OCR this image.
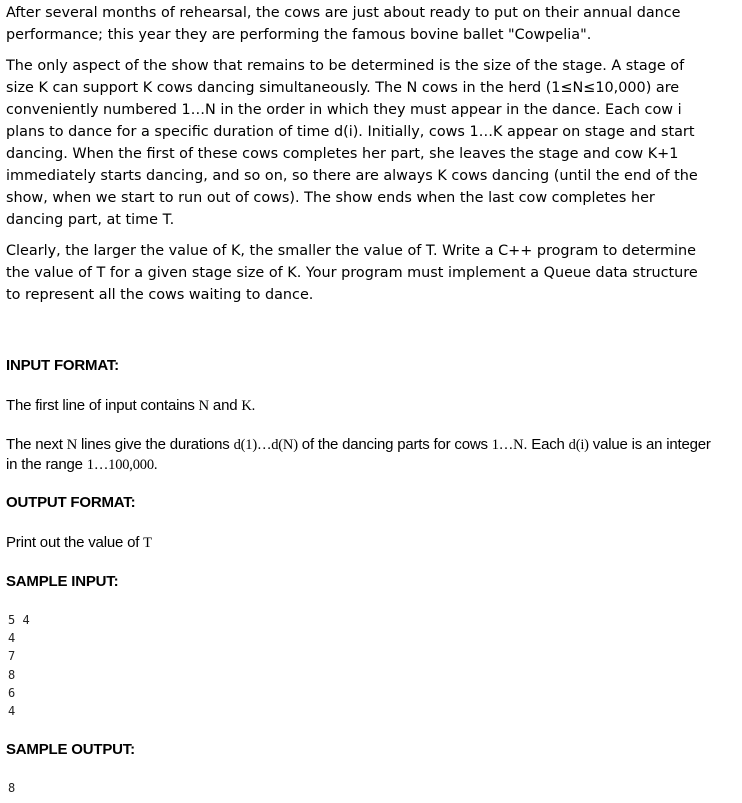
After several months of rehearsal, the cows are just about ready to put on their annual dance performance; this year they are performing the famous bovine ballet "Cowpelia".

The only aspect of the show that remains to be determined is the size of the stage. A stage of size K can support K cows dancing simultaneously. The N cows in the herd (1≤N≤10,000) are conveniently numbered 1…N in the order in which they must appear in the dance. Each cow i plans to dance for a specific duration of time d(i). Initially, cows 1…K appear on stage and start dancing. When the first of these cows completes her part, she leaves the stage and cow K+1 immediately starts dancing, and so on, so there are always K cows dancing (until the end of the show, when we start to run out of cows). The show ends when the last cow completes her dancing part, at time T.

Clearly, the larger the value of K, the smaller the value of T. Write a C++ program to determine the value of T for a given stage size of K. Your program must implement a Queue data structure to represent all the cows waiting to dance.

INPUT FORMAT:

The first line of input contains N and K.

The next N lines give the durations d(1)…d(N) of the dancing parts for cows 1…N. Each d(i) value is an integer in the range 1…100,000.

OUTPUT FORMAT:

Print out the value of T

SAMPLE INPUT:

5 4
4
7
8
6
4

SAMPLE OUTPUT:

8
